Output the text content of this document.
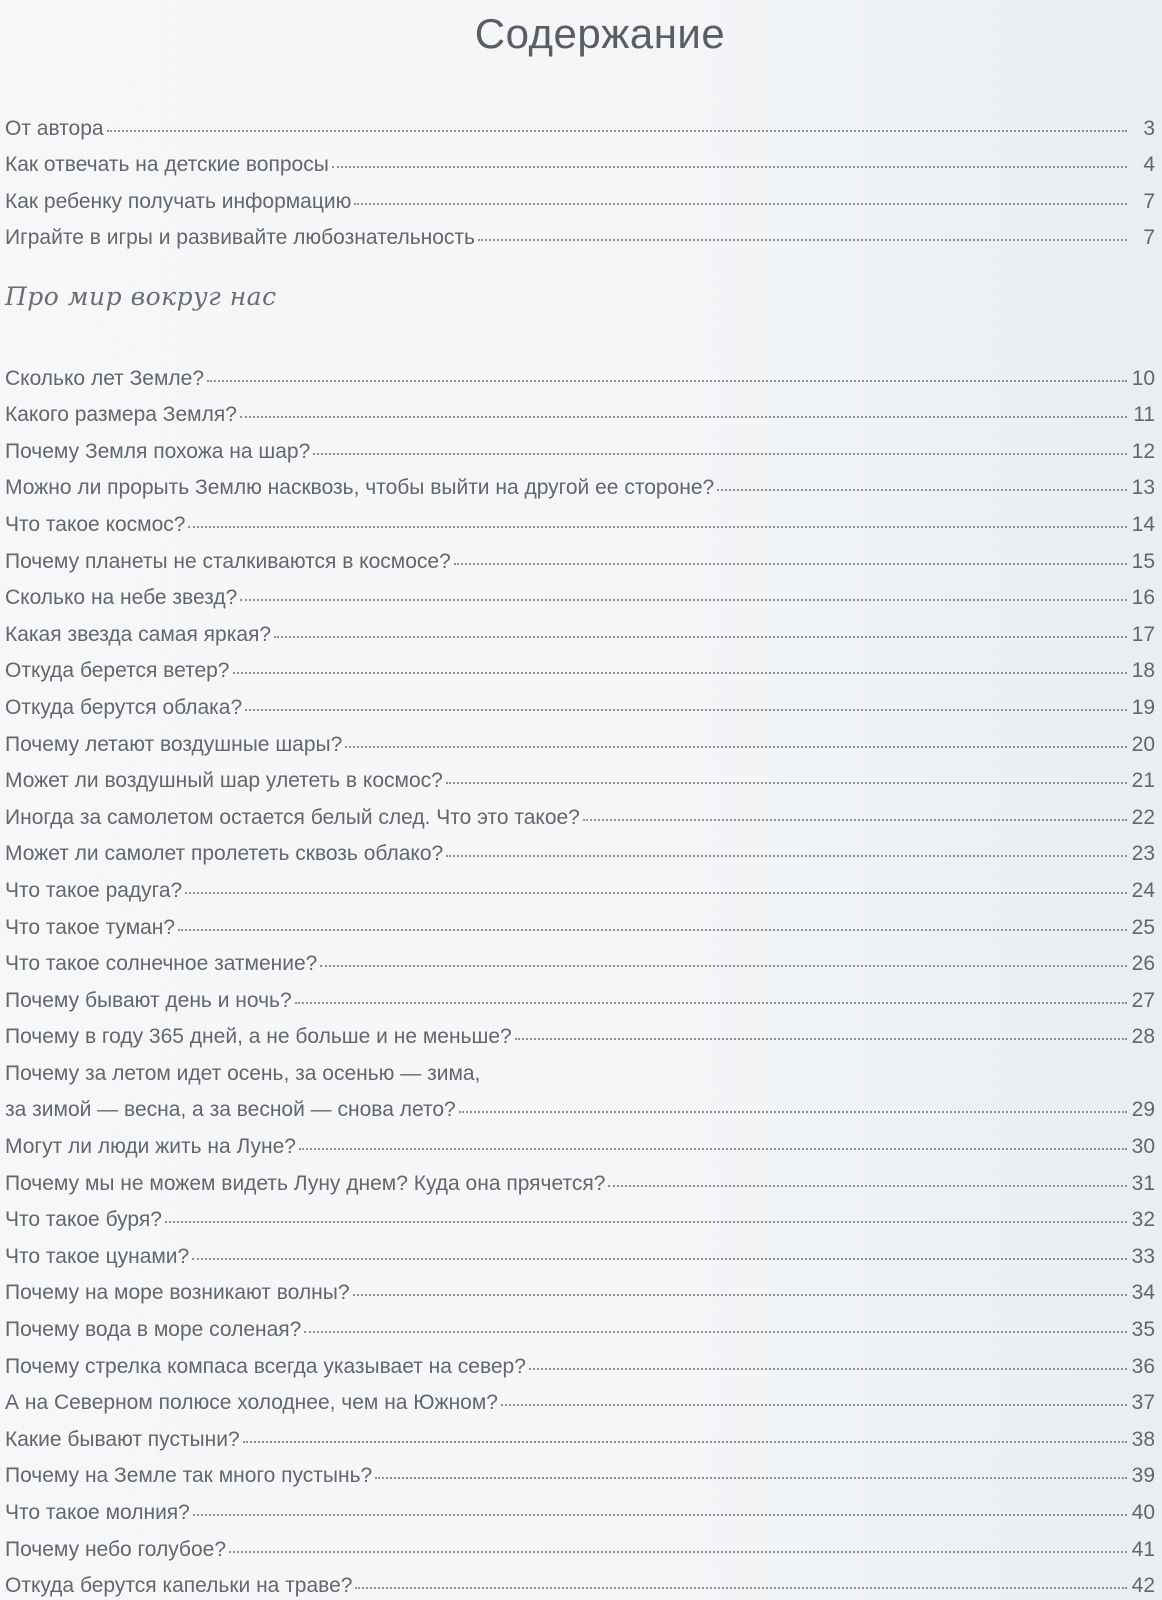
Содержание
От автора	3
Как отвечать на детские вопросы	4
Как ребенку получать информацию	7
Играйте в игры и развивайте любознательность	7
Про мир вокруг нас
Сколько лет Земле?	10
Какого размера Земля?	11
Почему Земля похожа на шар?	12
Можно ли прорыть Землю насквозь, чтобы выйти на другой ее стороне?	13
Что такое космос?	14
Почему планеты не сталкиваются в космосе?	15
Сколько на небе звезд?	16
Какая звезда самая яркая?	17
Откуда берется ветер?	18
Откуда берутся облака?	19
Почему летают воздушные шары?	20
Может ли воздушный шар улететь в космос?	21
Иногда за самолетом остается белый след. Что это такое?	22
Может ли самолет пролететь сквозь облако?	23
Что такое радуга?	24
Что такое туман?	25
Что такое солнечное затмение?	26
Почему бывают день и ночь?	27
Почему в году 365 дней, а не больше и не меньше?	28
Почему за летом идет осень, за осенью — зима,
за зимой — весна, а за весной — снова лето?	29
Могут ли люди жить на Луне?	30
Почему мы не можем видеть Луну днем? Куда она прячется?	31
Что такое буря?	32
Что такое цунами?	33
Почему на море возникают волны?	34
Почему вода в море соленая?	35
Почему стрелка компаса всегда указывает на север?	36
А на Северном полюсе холоднее, чем на Южном?	37
Какие бывают пустыни?	38
Почему на Земле так много пустынь?	39
Что такое молния?	40
Почему небо голубое?	41
Откуда берутся капельки на траве?	42
